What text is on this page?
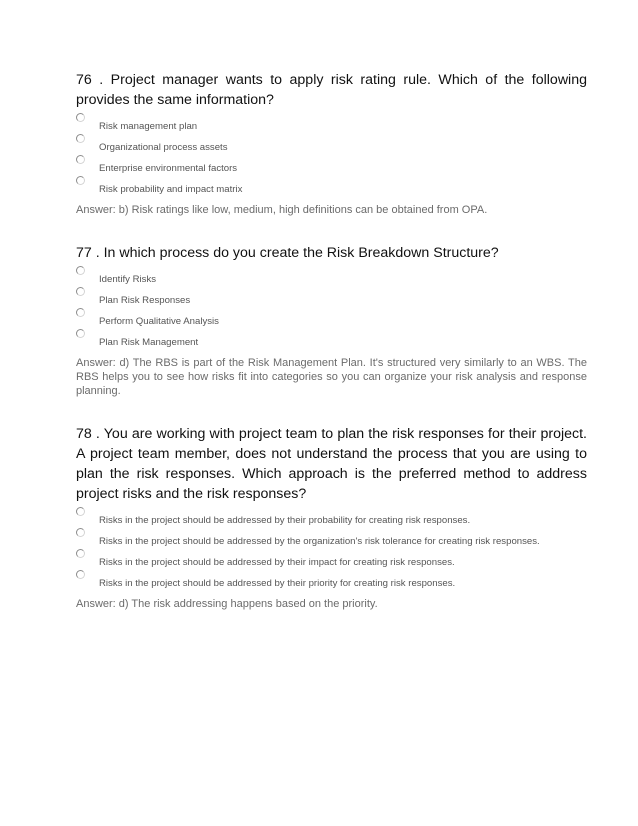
76 . Project manager wants to apply risk rating rule. Which of the following provides the same information?

Risk management plan
Organizational process assets
Enterprise environmental factors
Risk probability and impact matrix

Answer: b) Risk ratings like low, medium, high definitions can be obtained from OPA.

77 . In which process do you create the Risk Breakdown Structure?

Identify Risks
Plan Risk Responses
Perform Qualitative Analysis
Plan Risk Management

Answer: d) The RBS is part of the Risk Management Plan. It's structured very similarly to an WBS. The RBS helps you to see how risks fit into categories so you can organize your risk analysis and response planning.

78 . You are working with project team to plan the risk responses for their project. A project team member, does not understand the process that you are using to plan the risk responses. Which approach is the preferred method to address project risks and the risk responses?

Risks in the project should be addressed by their probability for creating risk responses.
Risks in the project should be addressed by the organization's risk tolerance for creating risk responses.
Risks in the project should be addressed by their impact for creating risk responses.
Risks in the project should be addressed by their priority for creating risk responses.

Answer: d) The risk addressing happens based on the priority.
